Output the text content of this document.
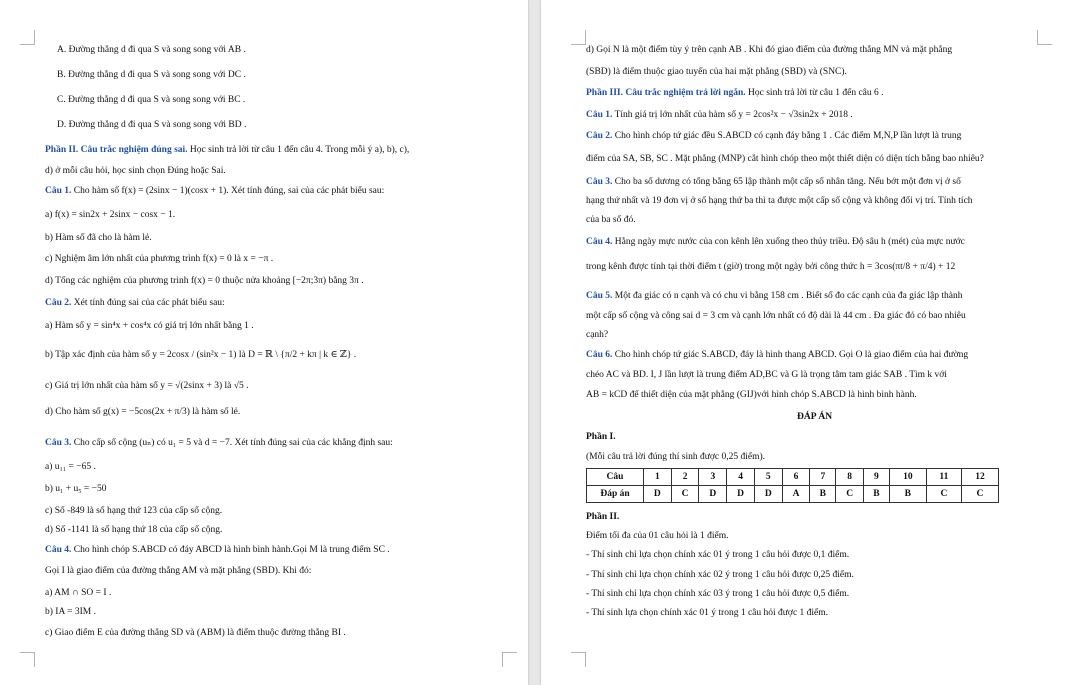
A. Đường thẳng d đi qua S và song song với AB .
B. Đường thẳng d đi qua S và song song với DC .
C. Đường thẳng d đi qua S và song song với BC .
D. Đường thẳng d đi qua S và song song với BD .
Phần II. Câu trắc nghiệm đúng sai. Học sinh trả lời từ câu 1 đến câu 4. Trong mỗi ý a), b), c),
d) ở mỗi câu hỏi, học sinh chọn Đúng hoặc Sai.
Câu 1. Cho hàm số f(x) = (2sinx − 1)(cosx + 1). Xét tính đúng, sai của các phát biểu sau:
a) f(x) = sin2x + 2sinx − cosx − 1.
b) Hàm số đã cho là hàm lẻ.
c) Nghiệm âm lớn nhất của phương trình f(x) = 0 là x = −π .
d) Tổng các nghiệm của phương trình f(x) = 0 thuộc nửa khoảng [−2π;3π) bằng 3π .
Câu 2. Xét tính đúng sai của các phát biểu sau:
a) Hàm số y = sin⁴x + cos⁴x có giá trị lớn nhất bằng 1 .
b) Tập xác định của hàm số y = 2cosx / (sin²x − 1) là D = ℝ \ {π/2 + kπ | k ∈ ℤ} .
c) Giá trị lớn nhất của hàm số y = √(2sinx + 3) là √5 .
d) Cho hàm số g(x) = −5cos(2x + π/3) là hàm số lẻ.
Câu 3. Cho cấp số cộng (uₙ) có u₁ = 5 và d = −7. Xét tính đúng sai của các khẳng định sau:
a) u₁₁ = −65 .
b) u₁ + u₅ = −50
c) Số -849 là số hạng thứ 123 của cấp số cộng.
d) Số -1141 là số hạng thứ 18 của cấp số cộng.
Câu 4. Cho hình chóp S.ABCD có đáy ABCD là hình bình hành.Gọi M là trung điểm SC .
Gọi I là giao điểm của đường thẳng AM và mặt phẳng (SBD). Khi đó:
a) AM ∩ SO = I .
b) IA = 3IM .
c) Giao điểm E của đường thẳng SD và (ABM) là điểm thuộc đường thẳng BI .
d) Gọi N là một điểm tùy ý trên cạnh AB . Khi đó giao điểm của đường thẳng MN và mặt phẳng
(SBD) là điểm thuộc giao tuyến của hai mặt phẳng (SBD) và (SNC).
Phần III. Câu trắc nghiệm trả lời ngắn. Học sinh trả lời từ câu 1 đến câu 6 .
Câu 1. Tính giá trị lớn nhất của hàm số y = 2cos²x − √3sin2x + 2018 .
Câu 2. Cho hình chóp tứ giác đều S.ABCD có cạnh đáy bằng 1 . Các điểm M,N,P lần lượt là trung
điểm của SA, SB, SC . Mặt phẳng (MNP) cắt hình chóp theo một thiết diện có diện tích bằng bao nhiêu?
Câu 3. Cho ba số dương có tổng bằng 65 lập thành một cấp số nhân tăng. Nếu bớt một đơn vị ở số
hạng thứ nhất và 19 đơn vị ở số hạng thứ ba thì ta được một cấp số cộng và không đổi vị trí. Tính tích
của ba số đó.
Câu 4. Hằng ngày mực nước của con kênh lên xuống theo thủy triều. Độ sâu h (mét) của mực nước
trong kênh được tính tại thời điểm t (giờ) trong một ngày bởi công thức h = 3cos(πt/8 + π/4) + 12
Câu 5. Một đa giác có n cạnh và có chu vi bằng 158 cm . Biết số đo các cạnh của đa giác lập thành
một cấp số cộng và công sai d = 3 cm và cạnh lớn nhất có độ dài là 44 cm . Đa giác đó có bao nhiêu
cạnh?
Câu 6. Cho hình chóp tứ giác S.ABCD, đáy là hình thang ABCD. Gọi O là giao điểm của hai đường
chéo AC và BD. I, J lần lượt là trung điểm AD,BC và G là trọng tâm tam giác SAB . Tìm k với
AB = kCD để thiết diện của mặt phẳng (GIJ)với hình chóp S.ABCD là hình bình hành.
ĐÁP ÁN
Phần I.
(Mỗi câu trả lời đúng thí sinh được 0,25 điểm).
Câu	1	2	3	4	5	6	7	8	9	10	11	12
Đáp án	D	C	D	D	D	A	B	C	B	B	C	C
Phần II.
Điểm tối đa của 01 câu hỏi là 1 điểm.
- Thí sinh chỉ lựa chọn chính xác 01 ý trong 1 câu hỏi được 0,1 điểm.
- Thí sinh chỉ lựa chọn chính xác 02 ý trong 1 câu hỏi được 0,25 điểm.
- Thí sinh chỉ lựa chọn chính xác 03 ý trong 1 câu hỏi được 0,5 điểm.
- Thí sinh lựa chọn chính xác 01 ý trong 1 câu hỏi được 1 điểm.
